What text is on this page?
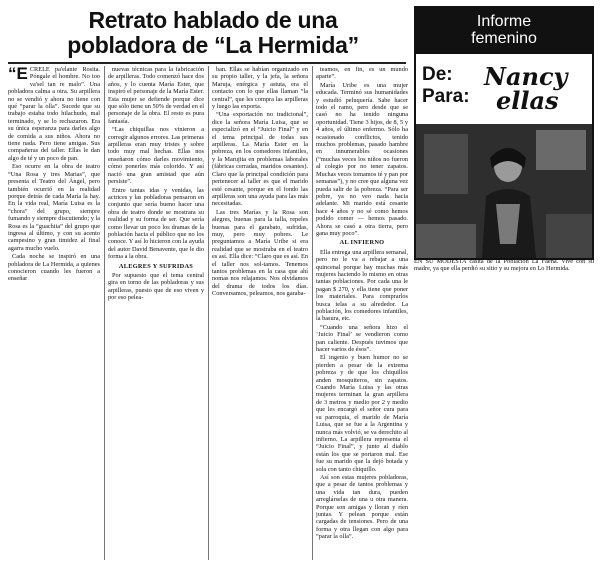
Retrato hablado de una
pobladora de “La Hermida”

“ECRELE pa'elante Rosita. Póngale el hombre. No too va'sel tan re malo”. Una pobladora calma a otra. Su arpillera no se vendió y ahora no tiene con qué “parar la olla”. Sucede que su trabajo estaba todo hilachudo, mal terminado, y se lo rechazaron. Era su única esperanza para darles algo de comida a sus niños. Ahora no tiene nada. Pero tiene amigas. Sus compañeras del taller. Ellas le dan algo de té y un poco de pan.

Eso ocurre en la obra de teatro “Una Rosa y tres Marias”, que presenta el Teatro del Ángel, pero también ocurrió en la realidad porque detrás de cada María la hay. En la vida real, María Luisa es la “chora” del grupo, siempre fumando y siempre discutiendo; y la Rosa es la “guachita” del grupo que ingresa al último, y con su acento campesino y gran timidez al final agarra mucho vuelo.

Cada noche se inspiró en una pobladora de La Hermida, a quienes conocieron cuando les fueron a enseñar

nuevas técnicas para la fabricación de arpilleras. Todo comenzó hace dos años, y lo cuenta María Ester, que inspiró el personaje de la María Ester. Esta mujer se defiende porque dice que sólo tiene un 50% de verdad en el personaje de la obra. El resto es pura fantasía.

“Las chiquillas nos vinieron a corregir algunos errores. Las primeras arpilleras eran muy tristes y sobre todo muy mal hechas. Ellas nos enseñaron cómo darles movimiento, cómo ponerles más colorido. Y así nació una gran amistad que aún persiste”.

Entre tantas idas y venidas, las actrices y las pobladoras pensaron en conjunto que sería bueno hacer una obra de teatro donde se mostrara su realidad y su forma de ser. Que sería como llevar un poco los dramas de la población hacia el público que no los conoce. Y así lo hicieron con la ayuda del autor David Benavente, que le dio forma a la obra.

ALEGRES Y SUFRIDAS

Por supuesto que el tema central gira en torno de las pobladoras y sus arpilleras, puesto que de eso viven y por eso pelea-

ban. Ellas se habían organizado en su propio taller, y la jefa, la señora Maruja, enérgica y astuta, era el contacto con lo que ellas llaman “la central”, que les compra las arpilleras y luego las exporta.

“Una exportación no tradicional”, dice la señora María Luisa, que se especializó en el “Juicio Final” y en el tema principal de todas sus arpilleras. La María Ester en la pobreza, en los comedores infantiles, y la Marujita en problemas laborales (fábricas cerradas, maridos cesantes). Claro que la principal condición para pertenecer al taller es que el marido esté cesante, porque en el fondo las arpilleras son una ayuda para las más necesitadas.

Las tres Marías y la Rosa son alegres, buenas para la talla, repeles buenas para el garabato, sufridas, muy, pero muy pobres. Le preguntamos a María Uribe si era realidad que se mostraba en el teatro es así. Ella dice: “Claro que es así. En el taller nos sol-tamos. Tenemos tantos problemas en la casa que ahí nomas nos relajamos. Nos olvidamos del drama de todos los días. Conversamos, peleamos, nos garaba-

teamos, en fin, es un mundo aparte”.

María Uribe es una mujer educada. Terminó sus humanidades y estudió peluquería. Sabe hacer todo el ramo, pero desde que se casó no ha tenido ninguna oportunidad. Tiene 3 hijos, de 8, 5 y 4 años, el último enfermo. Sólo ha ocasionado conflictos, tenido muchos problemas, pasado hambre en innumerables ocasiones (“muchas veces los niños no fueron al colegio por no tener zapatos. Muchas veces tomamos té y pan por semanas”), y no cree que alguna vez pueda salir de la pobreza. “Para ser pobre, ya no veo nada hacia adelante. Mi marido está cesante hace 4 años y no sé como hemos podido comer — hemos pasado. Ahora se casó a otra tierra, pero gana muy poco”.

AL INFIERNO

Ella entrega una arpillera semanal, pero no le va a rebajar a una quincenal porque hay muchas más mujeres haciendo lo mismo en otras tantas poblaciones. Por cada una le pagan $ 270, y ella tiene que poner los materiales. Para comprarlos busca telas a su alrededor. La población, los comedores infantiles, la basura, etc.

“Cuando una señora hizo el ‘Juicio Final’ se vendieron como pan caliente. Después tuvimos que hacer varios de ésos”.

El ingenio y buen humor no se pierden a pesar de la extrema pobreza y de que los chiquillos anden mosquiteros, sin zapatos. Cuando María Luisa y las otras mujeres terminan la gran arpillera de 3 metros y medio por 2 y medio que les encargó el señor cura para su parroquia, el marido de María Luisa, que se fue a la Argentina y nunca más volvió, se va derechito al infierno. La arpillera representa el “Juicio Final”, y junto al diablo están los que se portaron mal. Ese fue su marido que la dejó botada y sola con tanto chiquillo.

Así son estas mujeres pobladoras, que a pesar de tantos problemas y una vida tan dura, pueden arreglárselas de una u otra manera. Porque son amigas y lloran y ríen juntas. Y pelean porque están cargadas de tensiones. Pero de una forma y otra llegan con algo para “parar la olla”.

Informe
femenino
De:
Para:
Nancy
ellas
EN SU MODESTA casita de la Población La Faena. Vive con su madre, ya que ella perdió su sitio y su mejora en Lo Hermida.
